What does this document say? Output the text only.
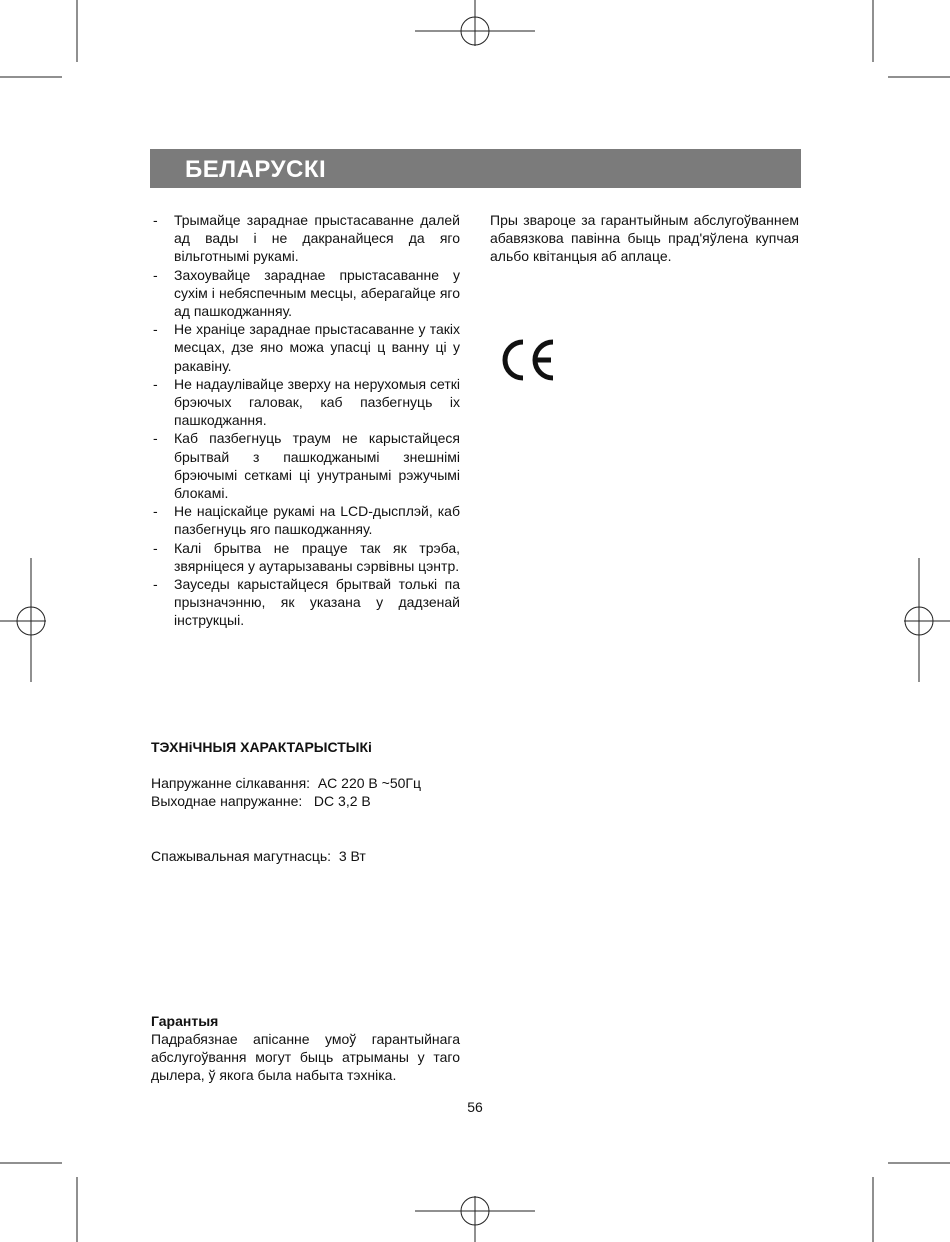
БЕЛАРУСКІ
- Трымайце зараднае прыстасаванне далей ад вады і не дакранайцеся да яго вільготнымі рукамі.
- Захоувайце зараднае прыстасаванне у сухім і небяспечным месцы, аберагайце яго ад пашкоджанняу.
- Не храніце зараднае прыстасаванне у такіх месцах, дзе яно можа упасці ц ванну ці у ракавіну.
- Не надаулівайце зверху на нерухомыя сеткі брэючых галовак, каб пазбегнуць іх пашкоджання.
- Каб пазбегнуць траум не карыстайцеся брытвай з пашкоджанымі знешнімі брэючымі сеткамі ці унутранымі рэжучымі блокамі.
- Не націскайце рукамі на LCD-дысплэй, каб пазбегнуць яго пашкоджанняу.
- Калі брытва не працуе так як трэба, звярніцеся у аутарызаваны сэрвівны цэнтр.
- Зауседы карыстайцеся брытвай толькі па прызначэнню, як указана у дадзенай інструкцыі.

Пры звароце за гарантыйным абслугоўваннем абавязкова павінна быць прад'яўлена купчая альбо квітанцыя аб аплаце.

ТЭХНіЧНЫЯ ХАРАКТАРЫСТЫКі
Напружанне сілкавання:  AC 220 В ~50Гц
Выходнае напружанне:   DC 3,2 В
Спажывальная магутнасць:  3 Вт
Гарантыя

Падрабязнае апісанне умоў гарантыйнага абслугоўвання могут быць атрыманы у таго дылера, ў якога была набыта тэхніка.

56
